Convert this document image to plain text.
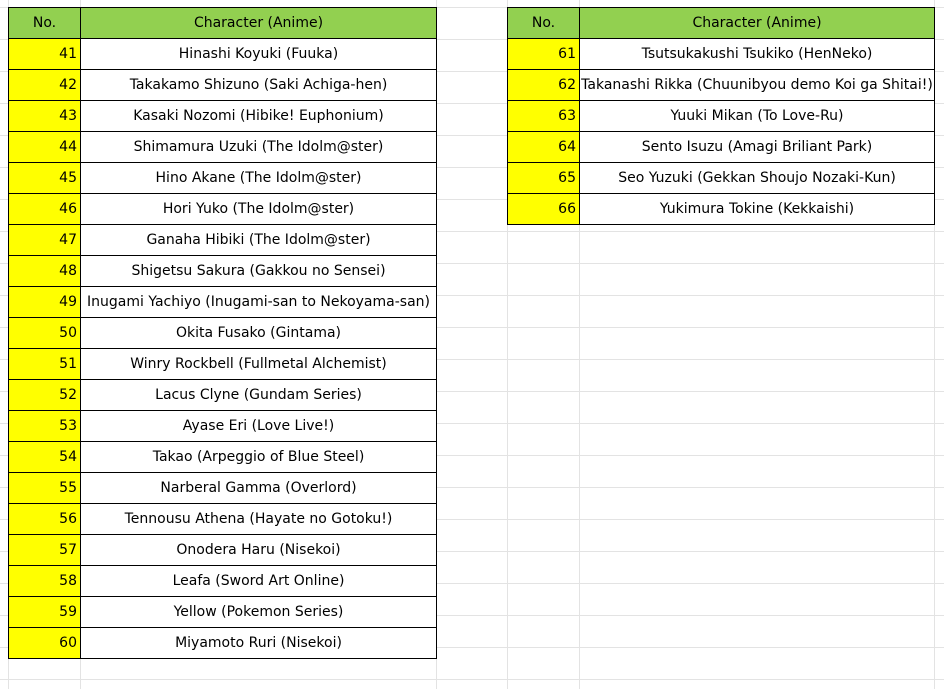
No.	Character (Anime)
41	Hinashi Koyuki (Fuuka)
42	Takakamo Shizuno (Saki Achiga-hen)
43	Kasaki Nozomi (Hibike! Euphonium)
44	Shimamura Uzuki (The Idolm@ster)
45	Hino Akane (The Idolm@ster)
46	Hori Yuko (The Idolm@ster)
47	Ganaha Hibiki (The Idolm@ster)
48	Shigetsu Sakura (Gakkou no Sensei)
49	Inugami Yachiyo (Inugami-san to Nekoyama-san)
50	Okita Fusako (Gintama)
51	Winry Rockbell (Fullmetal Alchemist)
52	Lacus Clyne (Gundam Series)
53	Ayase Eri (Love Live!)
54	Takao (Arpeggio of Blue Steel)
55	Narberal Gamma (Overlord)
56	Tennousu Athena (Hayate no Gotoku!)
57	Onodera Haru (Nisekoi)
58	Leafa (Sword Art Online)
59	Yellow (Pokemon Series)
60	Miyamoto Ruri (Nisekoi)
No.	Character (Anime)
61	Tsutsukakushi Tsukiko (HenNeko)
62	Takanashi Rikka (Chuunibyou demo Koi ga Shitai!)
63	Yuuki Mikan (To Love-Ru)
64	Sento Isuzu (Amagi Briliant Park)
65	Seo Yuzuki (Gekkan Shoujo Nozaki-Kun)
66	Yukimura Tokine (Kekkaishi)
